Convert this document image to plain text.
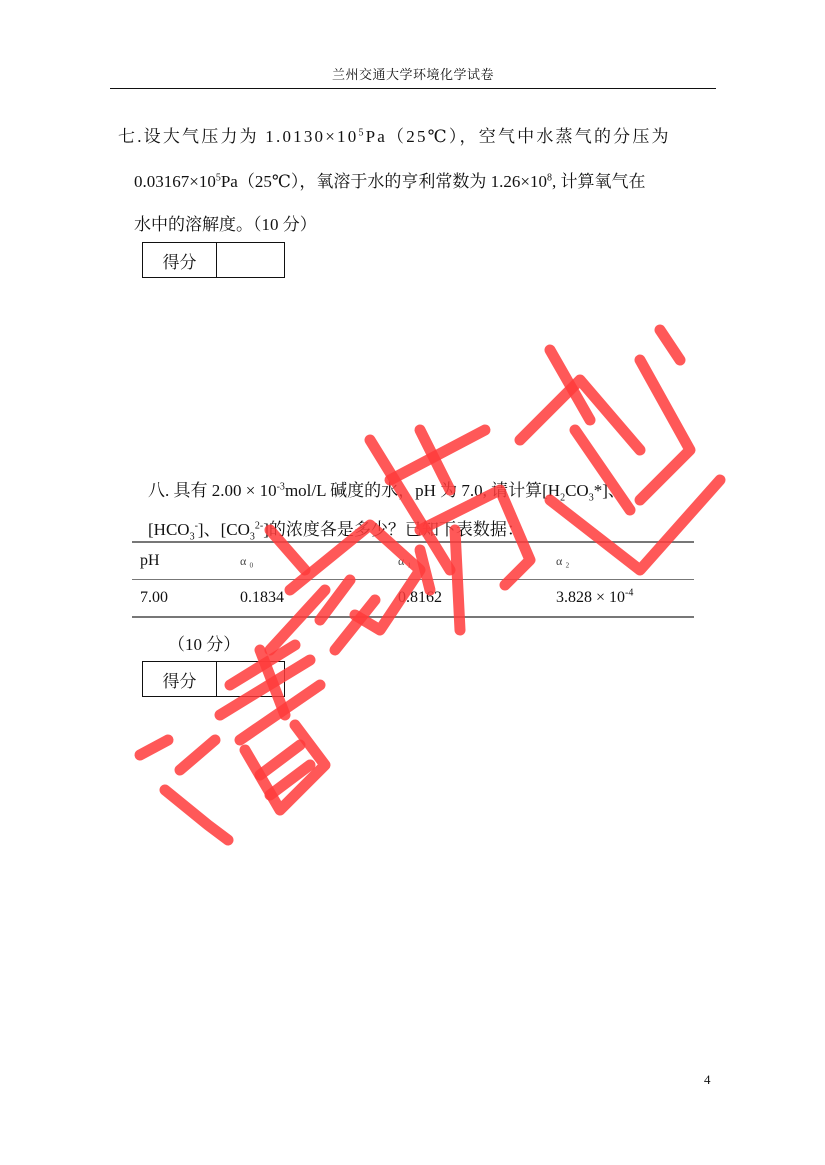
兰州交通大学环境化学试卷
七.设大气压力为 $1.0130\times 10^5Pa(25℃)$，空气中水蒸气的分压为
$0.03167\times 10^5Pa(25℃)$，氧溶于水的亨利常数为 $1.26\times 10^8$, 计算氧气在
水中的溶解度。（10 分）
得分
八. 具有 $2.00 \times 10^{-3}mol/L$ 碱度的水，pH 为 7.0, 请计算$[H_2CO_3*]$、
$[HCO_3^-]$、$[CO_3^{2-}]$的浓度各是多少？已知下表数据：
pH	α ₀	α ₁	α ₂
7.00	0.1834	0.8162	$3.828 \times 10^{-4}$
（10 分）
得分
4
